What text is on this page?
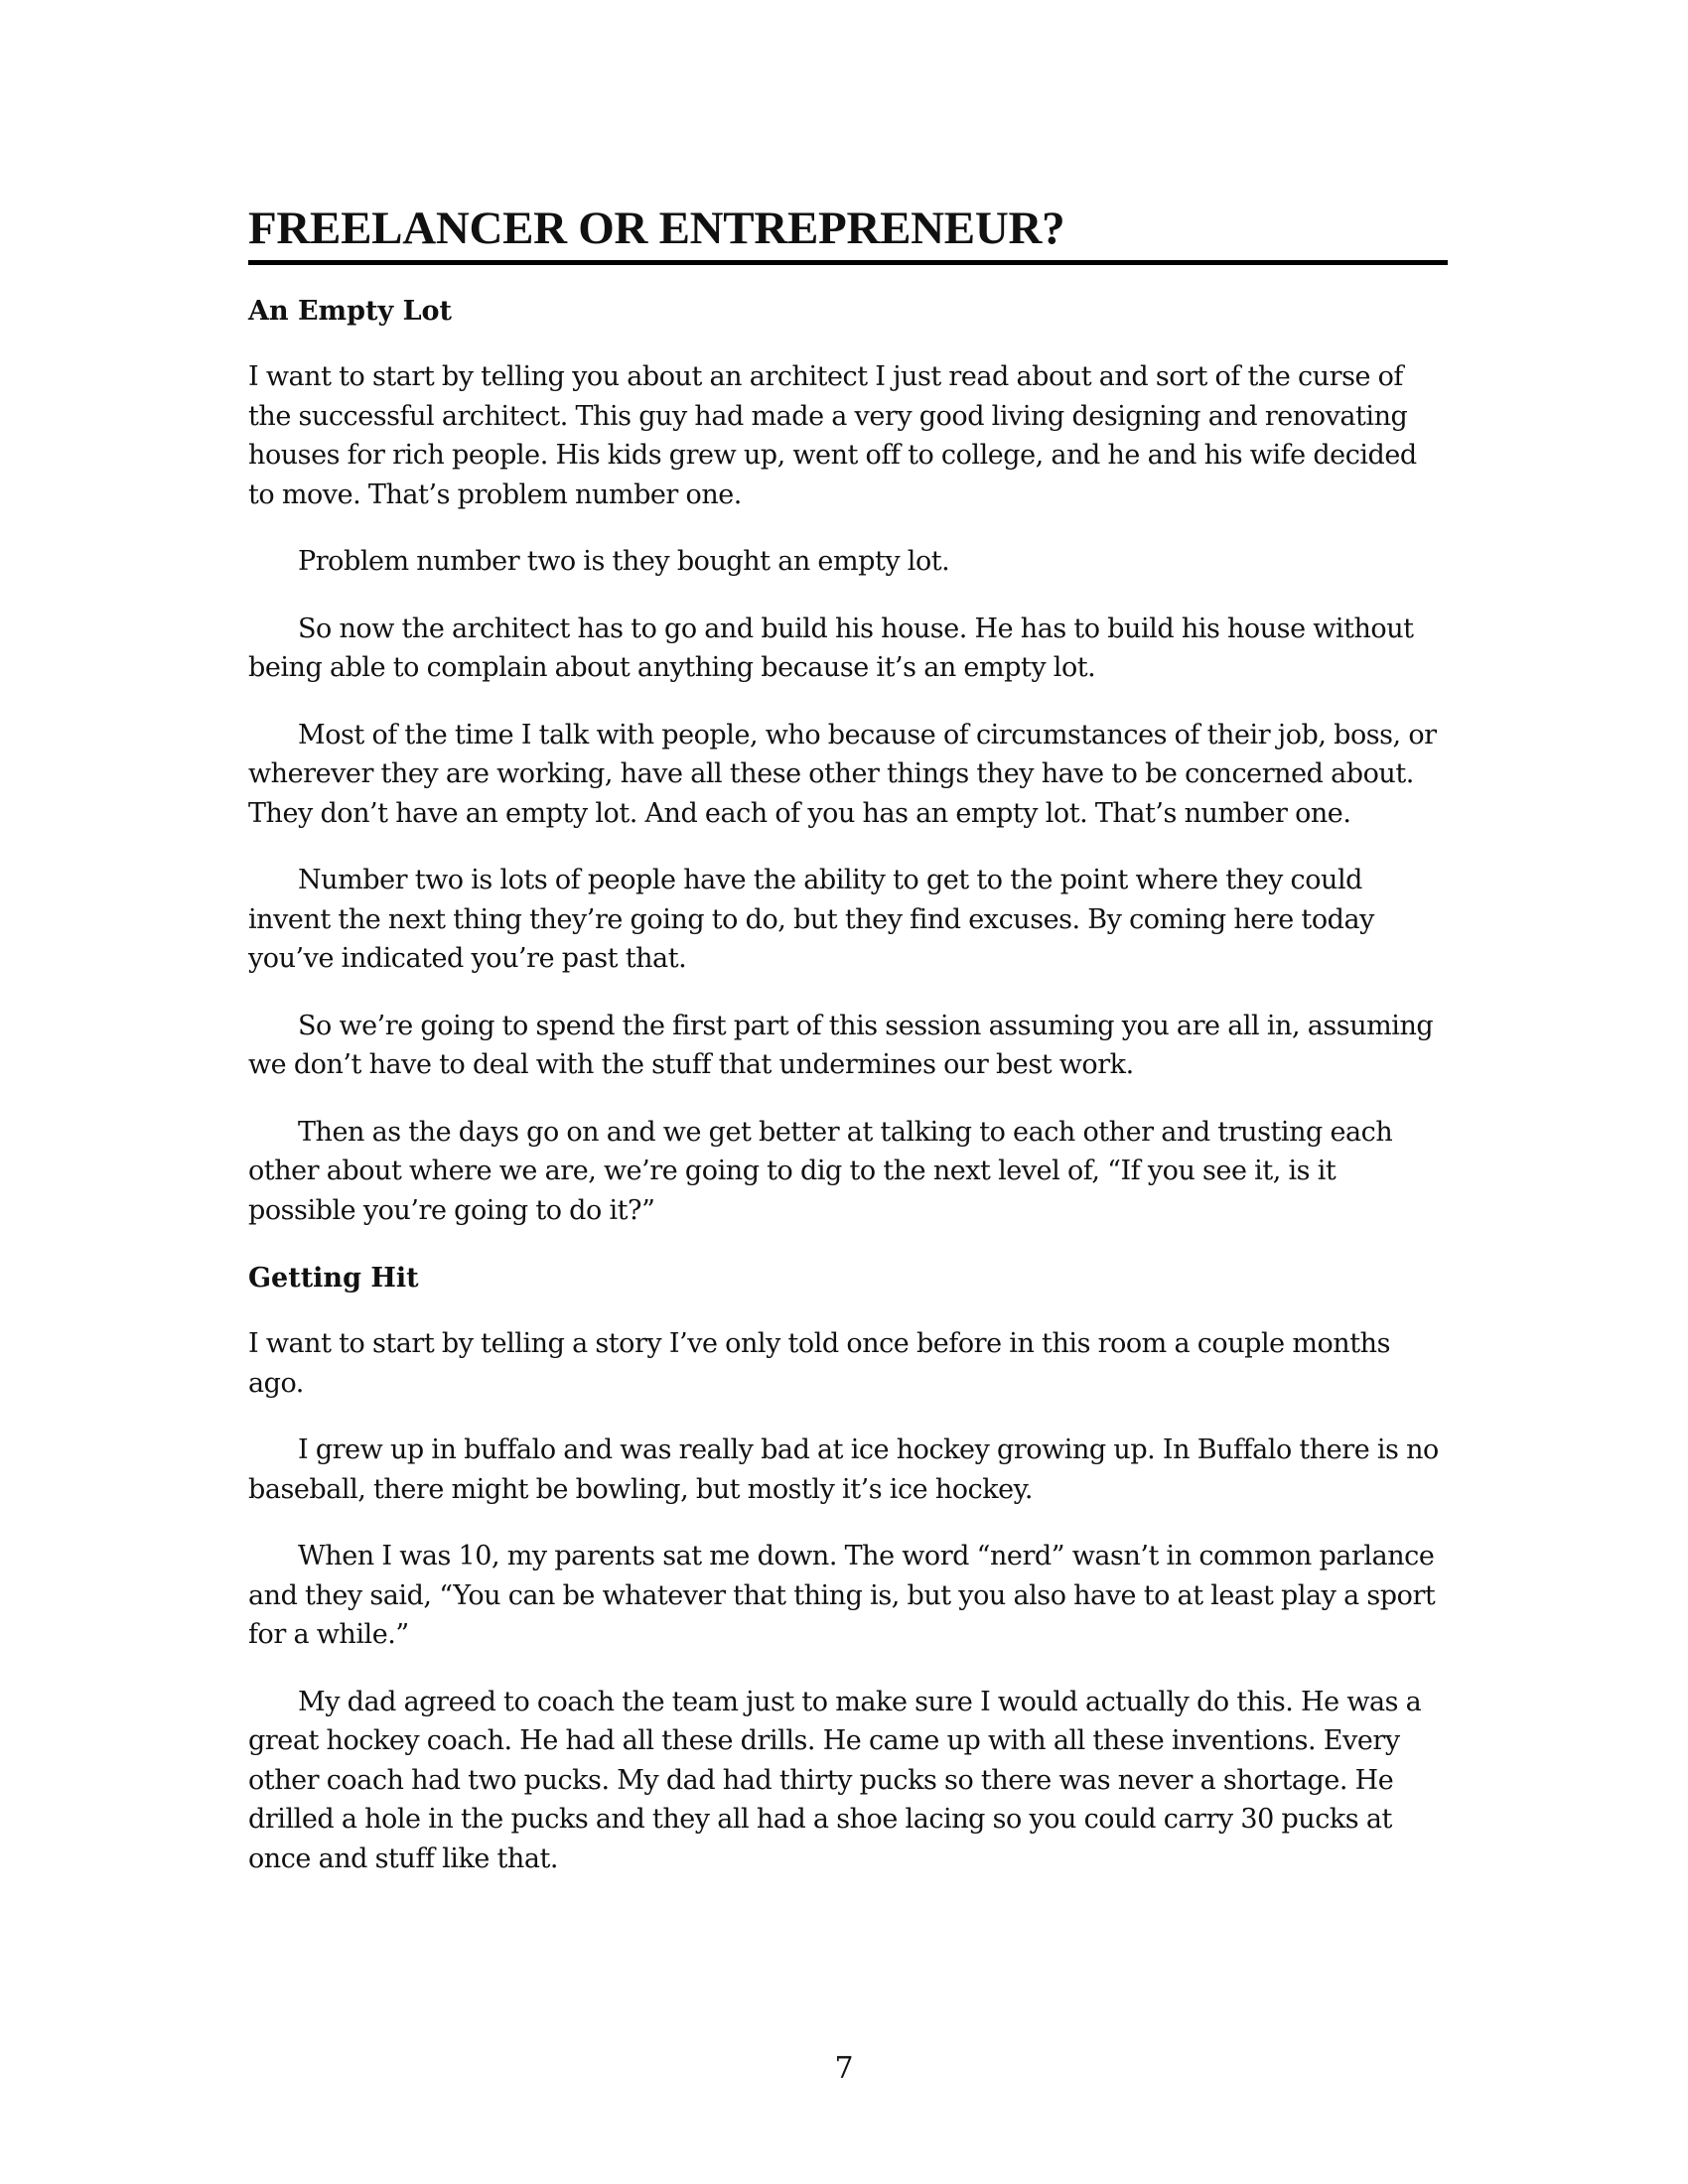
FREELANCER OR ENTREPRENEUR?
An Empty Lot

I want to start by telling you about an architect I just read about and sort of the curse of the successful architect. This guy had made a very good living designing and renovating houses for rich people. His kids grew up, went off to college, and he and his wife decided to move. That’s problem number one.

Problem number two is they bought an empty lot.

So now the architect has to go and build his house. He has to build his house without being able to complain about anything because it’s an empty lot.

Most of the time I talk with people, who because of circumstances of their job, boss, or wherever they are working, have all these other things they have to be concerned about. They don’t have an empty lot. And each of you has an empty lot. That’s number one.

Number two is lots of people have the ability to get to the point where they could invent the next thing they’re going to do, but they find excuses. By coming here today you’ve indicated you’re past that.

So we’re going to spend the first part of this session assuming you are all in, assuming we don’t have to deal with the stuff that undermines our best work.

Then as the days go on and we get better at talking to each other and trusting each other about where we are, we’re going to dig to the next level of, “If you see it, is it possible you’re going to do it?”

Getting Hit

I want to start by telling a story I’ve only told once before in this room a couple months ago.

I grew up in buffalo and was really bad at ice hockey growing up. In Buffalo there is no baseball, there might be bowling, but mostly it’s ice hockey.

When I was 10, my parents sat me down. The word “nerd” wasn’t in common parlance and they said, “You can be whatever that thing is, but you also have to at least play a sport for a while.”

My dad agreed to coach the team just to make sure I would actually do this. He was a great hockey coach. He had all these drills. He came up with all these inventions. Every other coach had two pucks. My dad had thirty pucks so there was never a shortage. He drilled a hole in the pucks and they all had a shoe lacing so you could carry 30 pucks at once and stuff like that.

7
